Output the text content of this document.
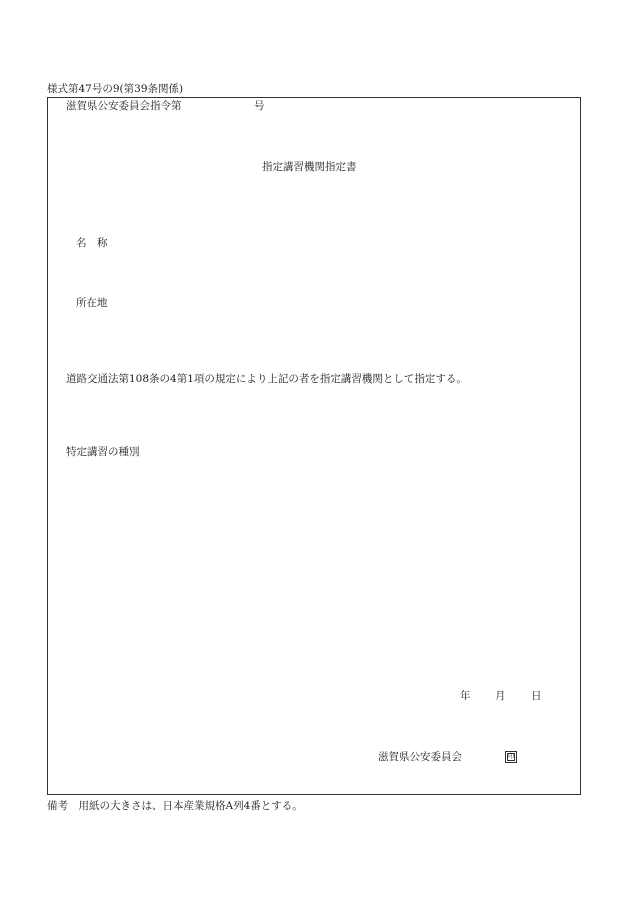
様式第47号の9(第39条関係)
滋賀県公安委員会指令第	号
指定講習機関指定書
名　称
所在地
道路交通法第108条の4第1項の規定により上記の者を指定講習機関として指定する。
特定講習の種別
年 月 日
滋賀県公安委員会	印
備考　用紙の大きさは、日本産業規格A列4番とする。
